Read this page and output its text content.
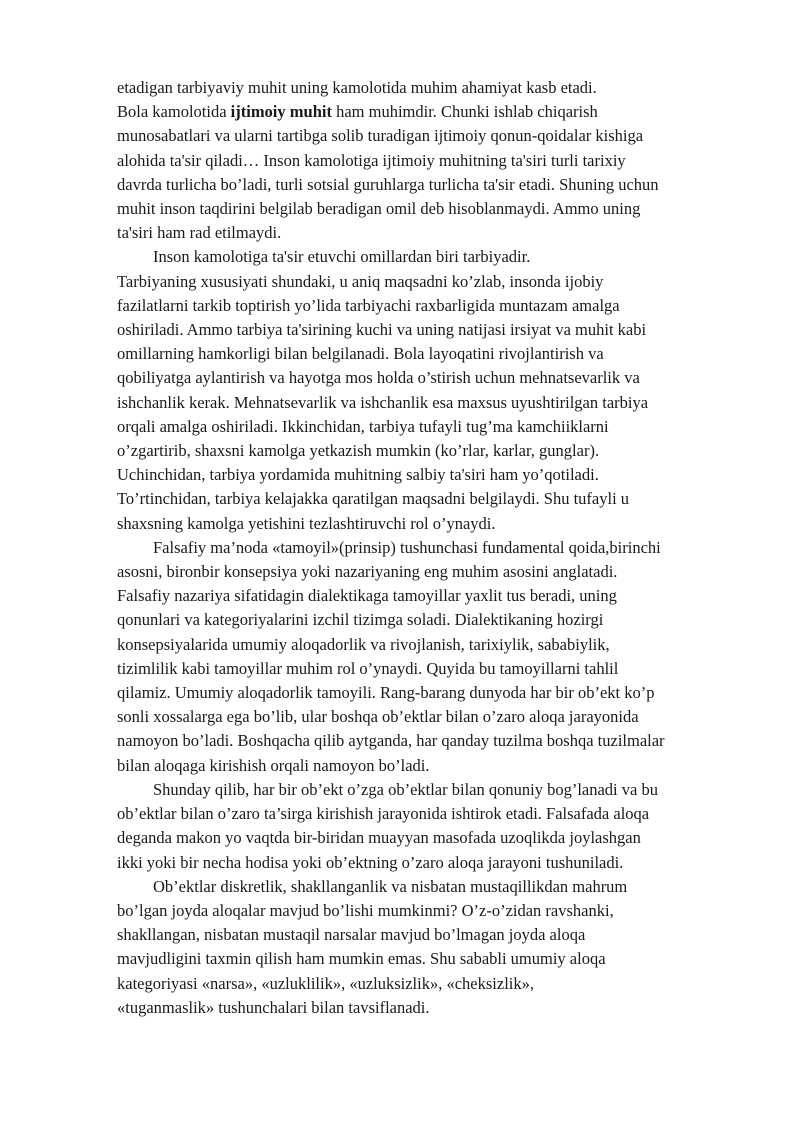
etadigan tarbiyaviy muhit uning kamolotida muhim ahamiyat kasb etadi.
Bola kamolotida ijtimoiy muhit ham muhimdir. Chunki ishlab chiqarish
munosabatlari va ularni tartibga solib turadigan ijtimoiy qonun-qoidalar kishiga
alohida ta'sir qiladi… Inson kamolotiga ijtimoiy muhitning ta'siri turli tarixiy
davrda turlicha bo’ladi, turli sotsial guruhlarga turlicha ta'sir etadi. Shuning uchun
muhit inson taqdirini belgilab beradigan omil deb hisoblanmaydi. Ammo uning
ta'siri ham rad etilmaydi.
Inson kamolotiga ta'sir etuvchi omillardan biri tarbiyadir.
Tarbiyaning xususiyati shundaki, u aniq maqsadni ko’zlab, insonda ijobiy
fazilatlarni tarkib toptirish yo’lida tarbiyachi raxbarligida muntazam amalga
oshiriladi. Ammo tarbiya ta'sirining kuchi va uning natijasi irsiyat va muhit kabi
omillarning hamkorligi bilan belgilanadi. Bola layoqatini rivojlantirish va
qobiliyatga aylantirish va hayotga mos holda o’stirish uchun mehnatsevarlik va
ishchanlik kerak. Mehnatsevarlik va ishchanlik esa maxsus uyushtirilgan tarbiya
orqali amalga oshiriladi. Ikkinchidan, tarbiya tufayli tug’ma kamchiiklarni
o’zgartirib, shaxsni kamolga yetkazish mumkin (ko’rlar, karlar, gunglar).
Uchinchidan, tarbiya yordamida muhitning salbiy ta'siri ham yo’qotiladi.
To’rtinchidan, tarbiya kelajakka qaratilgan maqsadni belgilaydi. Shu tufayli u
shaxsning kamolga yetishini tezlashtiruvchi rol o’ynaydi.
Falsafiy ma’noda «tamoyil»(prinsip) tushunchasi fundamental qoida,birinchi
asosni, bironbir konsepsiya yoki nazariyaning eng muhim asosini anglatadi.
Falsafiy nazariya sifatidagin dialektikaga tamoyillar yaxlit tus beradi, uning
qonunlari va kategoriyalarini izchil tizimga soladi. Dialektikaning hozirgi
konsepsiyalarida umumiy aloqadorlik va rivojlanish, tarixiylik, sababiylik,
tizimlilik kabi tamoyillar muhim rol o’ynaydi. Quyida bu tamoyillarni tahlil
qilamiz. Umumiy aloqadorlik tamoyili. Rang-barang dunyoda har bir ob’ekt ko’p
sonli xossalarga ega bo’lib, ular boshqa ob’ektlar bilan o’zaro aloqa jarayonida
namoyon bo’ladi. Boshqacha qilib aytganda, har qanday tuzilma boshqa tuzilmalar
bilan aloqaga kirishish orqali namoyon bo’ladi.
Shunday qilib, har bir ob’ekt o’zga ob’ektlar bilan qonuniy bog’lanadi va bu
ob’ektlar bilan o’zaro ta’sirga kirishish jarayonida ishtirok etadi. Falsafada aloqa
deganda makon yo vaqtda bir-biridan muayyan masofada uzoqlikda joylashgan
ikki yoki bir necha hodisa yoki ob’ektning o’zaro aloqa jarayoni tushuniladi.
Ob’ektlar diskretlik, shakllanganlik va nisbatan mustaqillikdan mahrum
bo’lgan joyda aloqalar mavjud bo’lishi mumkinmi? O’z-o’zidan ravshanki,
shakllangan, nisbatan mustaqil narsalar mavjud bo’lmagan joyda aloqa
mavjudligini taxmin qilish ham mumkin emas. Shu sababli umumiy aloqa
kategoriyasi «narsa», «uzluklilik», «uzluksizlik», «cheksizlik»,
«tuganmaslik» tushunchalari bilan tavsiflanadi.
